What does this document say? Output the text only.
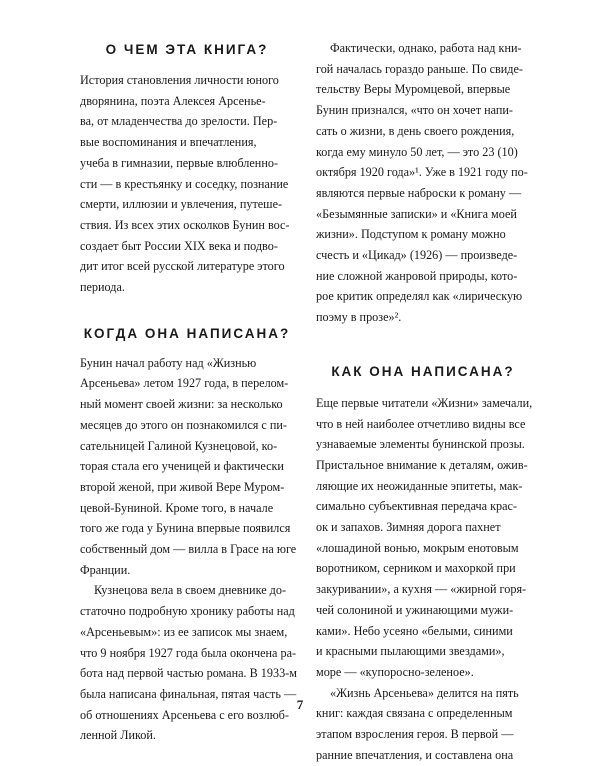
О ЧЕМ ЭТА КНИГА?

История становления личности юного
дворянина, поэта Алексея Арсенье-
ва, от младенчества до зрелости. Пер-
вые воспоминания и впечатления,
учеба в гимназии, первые влюбленно-
сти — в крестьянку и соседку, познание
смерти, иллюзии и увлечения, путеше-
ствия. Из всех этих осколков Бунин вос-
создает быт России XIX века и подво-
дит итог всей русской литературе этого
периода.

КОГДА ОНА НАПИСАНА?

Бунин начал работу над «Жизнью
Арсеньева» летом 1927 года, в перелом-
ный момент своей жизни: за несколько
месяцев до этого он познакомился с пи-
сательницей Галиной Кузнецовой, ко-
торая стала его ученицей и фактически
второй женой, при живой Вере Муром-
цевой-Буниной. Кроме того, в начале
того же года у Бунина впервые появился
собственный дом — вилла в Грасе на юге
Франции.

Кузнецова вела в своем дневнике до-
статочно подробную хронику работы над
«Арсеньевым»: из ее записок мы знаем,
что 9 ноября 1927 года была окончена ра-
бота над первой частью романа. В 1933-м
была написана финальная, пятая часть —
об отношениях Арсеньева с его возлюб-
ленной Ликой.

Фактически, однако, работа над кни-
гой началась гораздо раньше. По свиде-
тельству Веры Муромцевой, впервые
Бунин признался, «что он хочет напи-
сать о жизни, в день своего рождения,
когда ему минуло 50 лет, — это 23 (10)
октября 1920 года»¹. Уже в 1921 году по-
являются первые наброски к роману —
«Безымянные записки» и «Книга моей
жизни». Подступом к роману можно
счесть и «Цикад» (1926) — произведе-
ние сложной жанровой природы, кото-
рое критик определял как «лирическую
поэму в прозе»².

КАК ОНА НАПИСАНА?

Еще первые читатели «Жизни» замечали,
что в ней наиболее отчетливо видны все
узнаваемые элементы бунинской прозы.
Пристальное внимание к деталям, ожив-
ляющие их неожиданные эпитеты, мак-
симально субъективная передача крас-
ок и запахов. Зимняя дорога пахнет
«лошадиной вонью, мокрым енотовым
воротником, серником и махоркой при
закуривании», а кухня — «жирной горя-
чей солониной и ужинающими мужи-
ками». Небо усеяно «белыми, синими
и красными пылающими звездами»,
море — «купоросно-зеленое».

«Жизнь Арсеньева» делится на пять
книг: каждая связана с определенным
этапом взросления героя. В первой —
ранние впечатления, и составлена она

7
